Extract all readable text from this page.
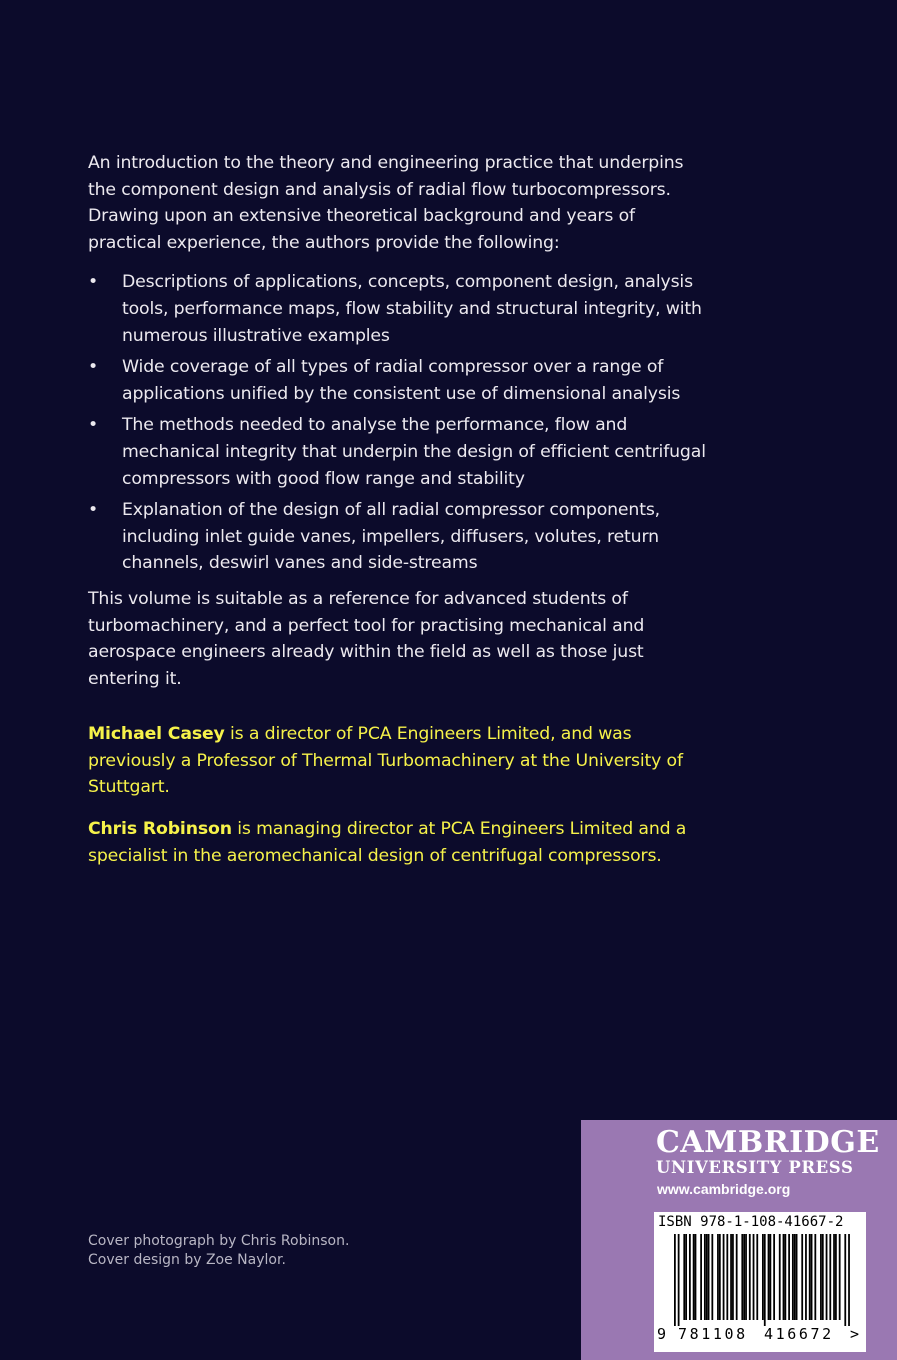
An introduction to the theory and engineering practice that underpins the component design and analysis of radial flow turbocompressors. Drawing upon an extensive theoretical background and years of practical experience, the authors provide the following:

• Descriptions of applications, concepts, component design, analysis tools, performance maps, flow stability and structural integrity, with numerous illustrative examples
• Wide coverage of all types of radial compressor over a range of applications unified by the consistent use of dimensional analysis
• The methods needed to analyse the performance, flow and mechanical integrity that underpin the design of efficient centrifugal compressors with good flow range and stability
• Explanation of the design of all radial compressor components, including inlet guide vanes, impellers, diffusers, volutes, return channels, deswirl vanes and side-streams

This volume is suitable as a reference for advanced students of turbomachinery, and a perfect tool for practising mechanical and aerospace engineers already within the field as well as those just entering it.

Michael Casey is a director of PCA Engineers Limited, and was previously a Professor of Thermal Turbomachinery at the University of Stuttgart.

Chris Robinson is managing director at PCA Engineers Limited and a specialist in the aeromechanical design of centrifugal compressors.

Cover photograph by Chris Robinson.
Cover design by Zoe Naylor.
CAMBRIDGE
UNIVERSITY PRESS
www.cambridge.org
ISBN 978-1-108-41667-2
9 781108 416672 >
